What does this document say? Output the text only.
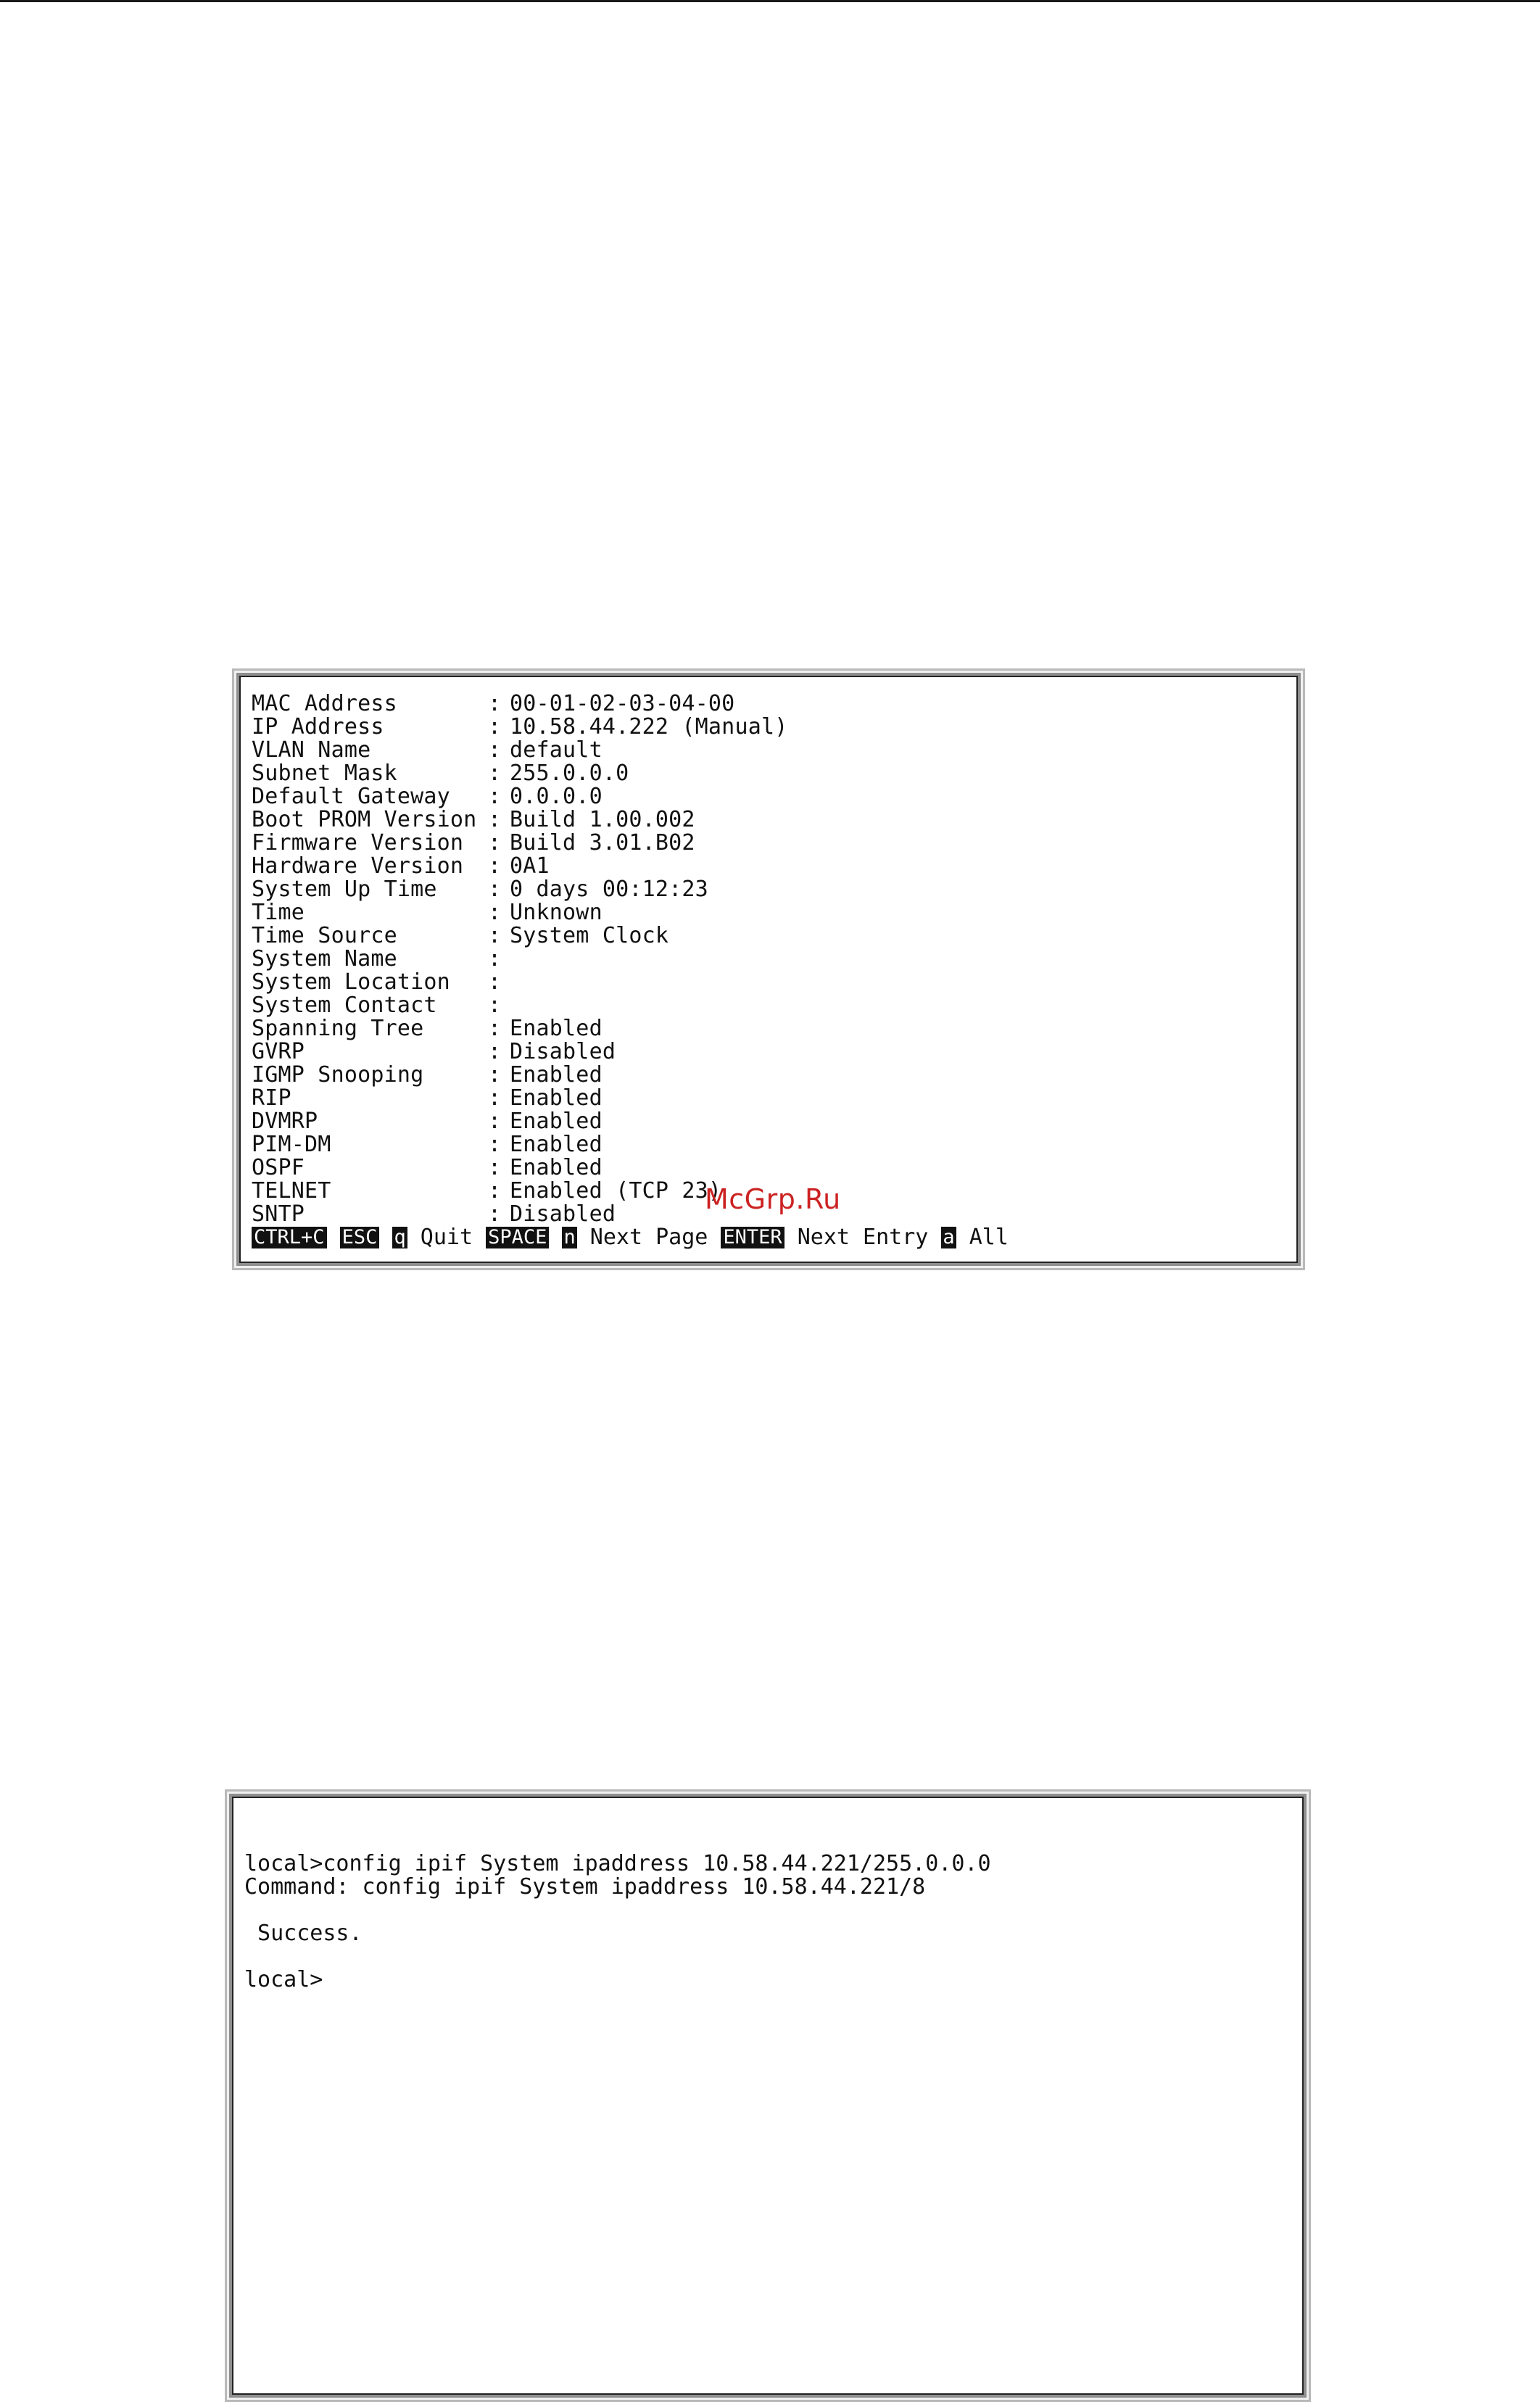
MAC Address	: 00-01-02-03-04-00
IP Address	: 10.58.44.222 (Manual)
VLAN Name	: default
Subnet Mask	: 255.0.0.0
Default Gateway : 0.0.0.0
Boot PROM Version : Build 1.00.002
Firmware Version : Build 3.01.B02
Hardware Version : 0A1
System Up Time : 0 days 00:12:23
Time	: Unknown
Time Source	: System Clock
System Name	:
System Location :
System Contact :
Spanning Tree	: Enabled
GVRP	: Disabled
IGMP Snooping	: Enabled
RIP	: Enabled
DVMRP	: Enabled
PIM-DM	: Enabled
OSPF	: Enabled
TELNET	: Enabled (TCP 23)
SNTP	: Disabled
CTRL+C ESC q Quit SPACE n Next Page ENTER Next Entry a All
McGrp.Ru
local>config ipif System ipaddress 10.58.44.221/255.0.0.0
Command: config ipif System ipaddress 10.58.44.221/8
Success.
local>
